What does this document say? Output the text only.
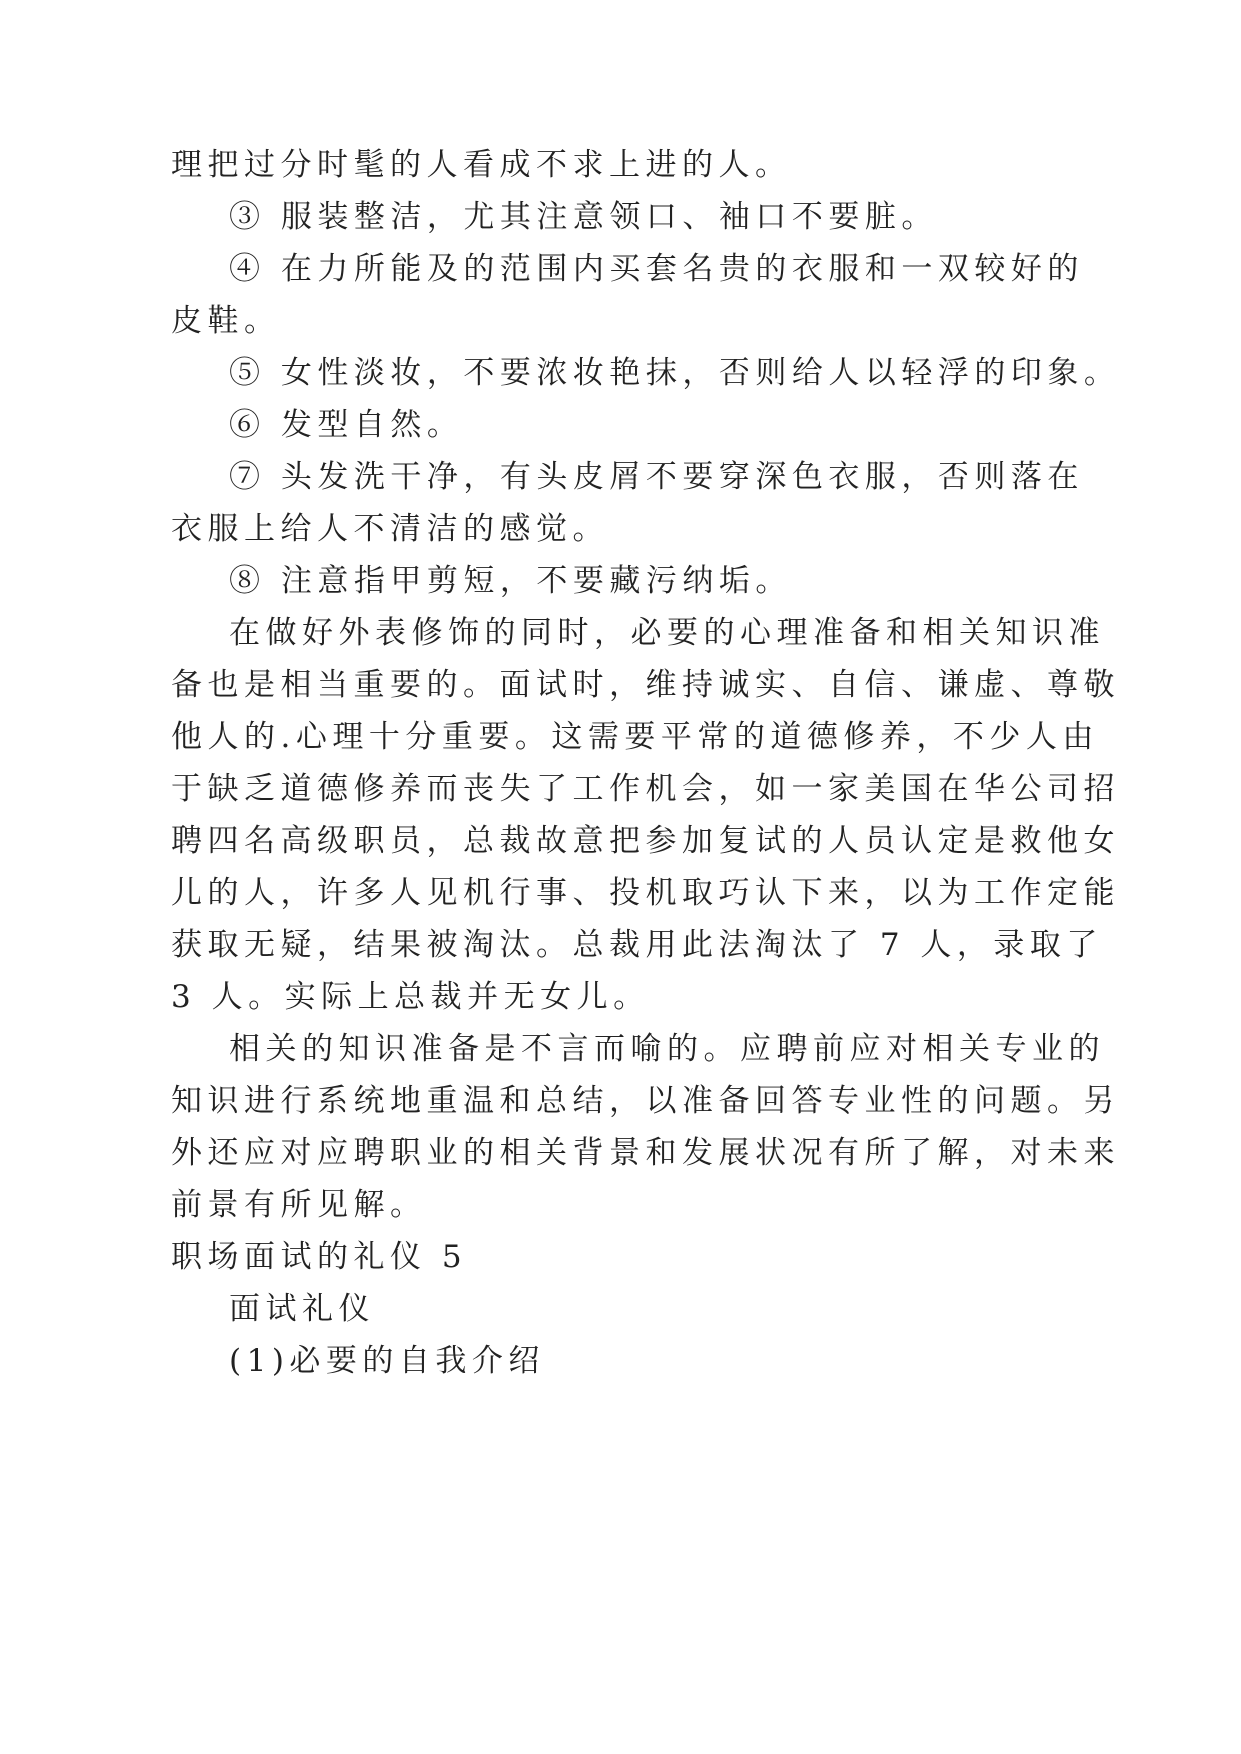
理把过分时髦的人看成不求上进的人。
③ 服装整洁，尤其注意领口、袖口不要脏。
④ 在力所能及的范围内买套名贵的衣服和一双较好的
皮鞋。
⑤ 女性淡妆，不要浓妆艳抹，否则给人以轻浮的印象。
⑥ 发型自然。
⑦ 头发洗干净，有头皮屑不要穿深色衣服，否则落在
衣服上给人不清洁的感觉。
⑧ 注意指甲剪短，不要藏污纳垢。
在做好外表修饰的同时，必要的心理准备和相关知识准
备也是相当重要的。面试时，维持诚实、自信、谦虚、尊敬
他人的.心理十分重要。这需要平常的道德修养，不少人由
于缺乏道德修养而丧失了工作机会，如一家美国在华公司招
聘四名高级职员，总裁故意把参加复试的人员认定是救他女
儿的人，许多人见机行事、投机取巧认下来，以为工作定能
获取无疑，结果被淘汰。总裁用此法淘汰了 7 人，录取了
3 人。实际上总裁并无女儿。
相关的知识准备是不言而喻的。应聘前应对相关专业的
知识进行系统地重温和总结，以准备回答专业性的问题。另
外还应对应聘职业的相关背景和发展状况有所了解，对未来
前景有所见解。
职场面试的礼仪 5
面试礼仪
(1)必要的自我介绍
